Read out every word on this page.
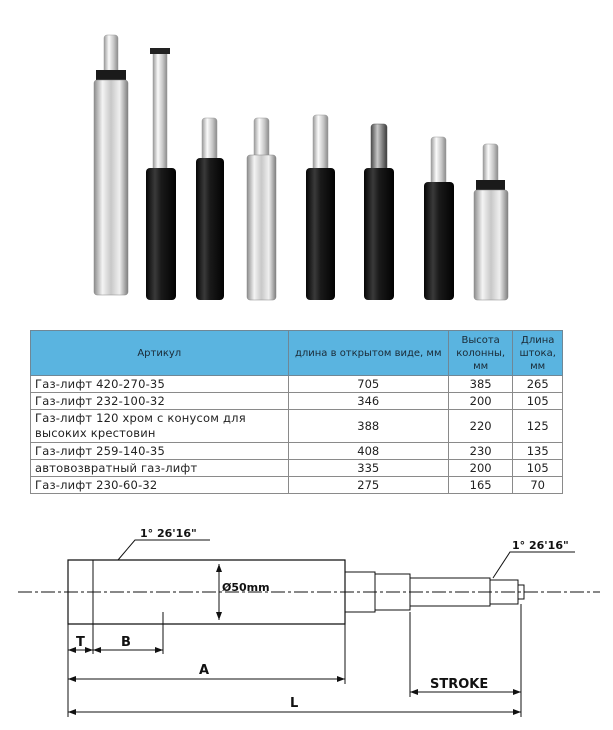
Артикул	длина в открытом виде, мм	Высота колонны, мм	Длина штока, мм
Газ-лифт 420-270-35	705	385	265
Газ-лифт 232-100-32	346	200	105
Газ-лифт 120 хром с конусом для высоких крестовин	388	220	125
Газ-лифт 259-140-35	408	230	135
автовозвратный газ-лифт	335	200	105
Газ-лифт 230-60-32	275	165	70
1° 26'16"
1° 26'16"
Ø50mm
T	B
A
STROKE
L
